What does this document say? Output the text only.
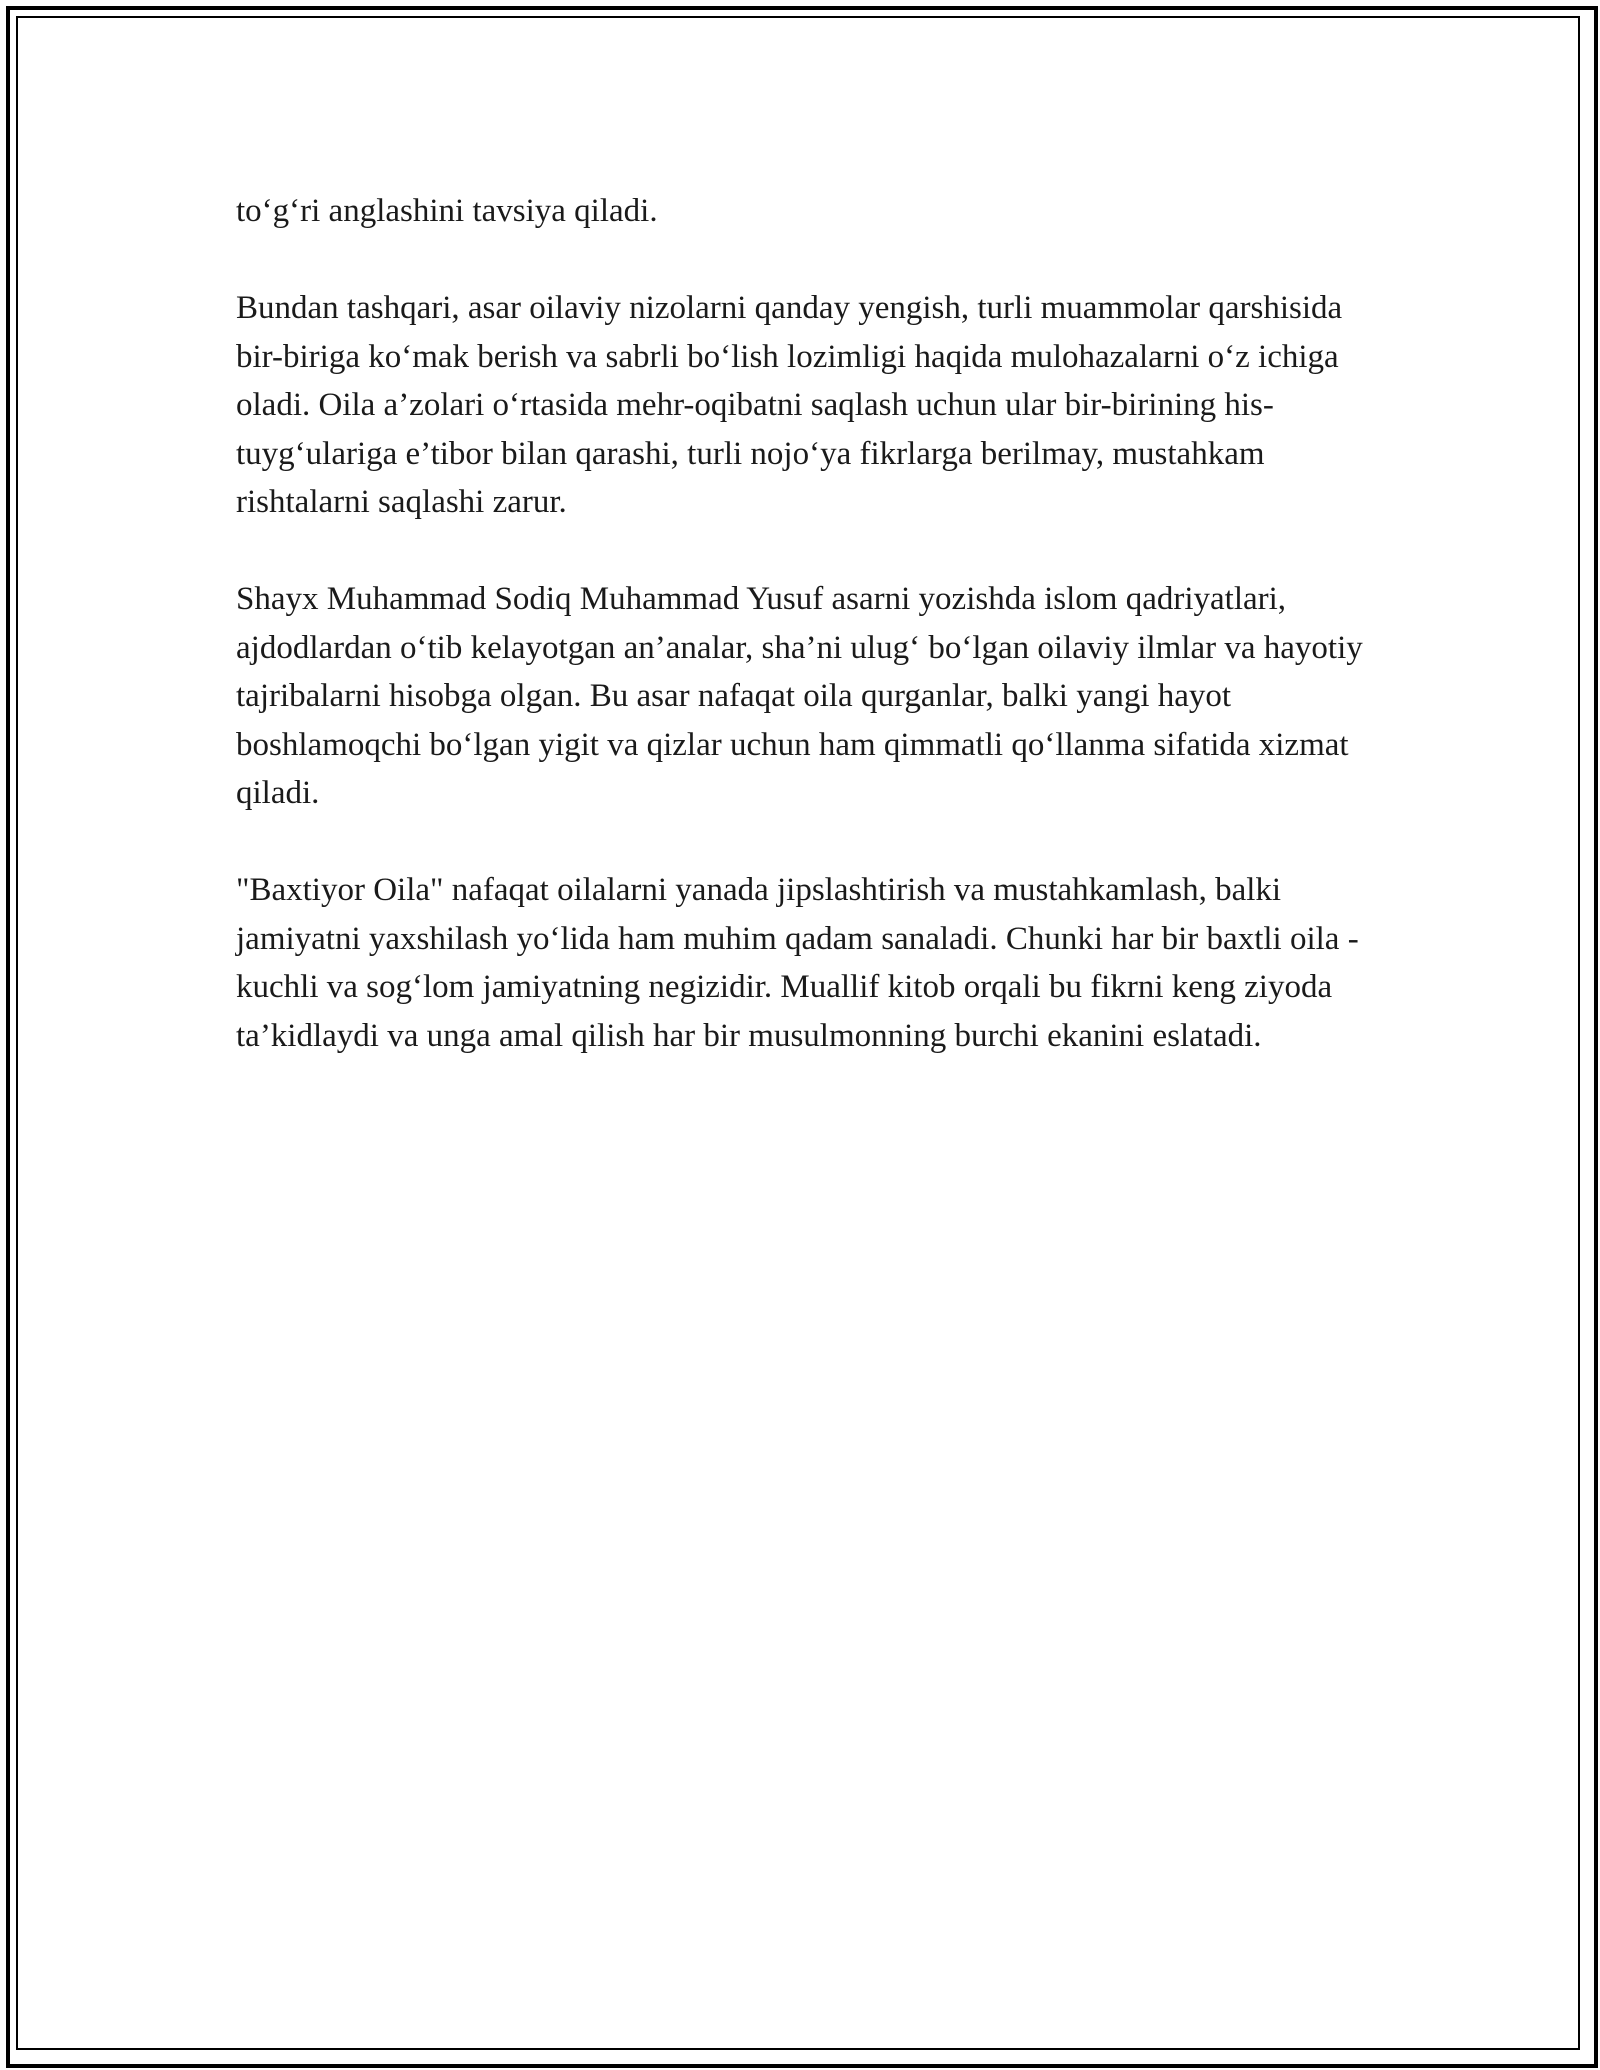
to‘g‘ri anglashini tavsiya qiladi.

Bundan tashqari, asar oilaviy nizolarni qanday yengish, turli muammolar qarshisida bir-biriga ko‘mak berish va sabrli bo‘lish lozimligi haqida mulohazalarni o‘z ichiga oladi. Oila a’zolari o‘rtasida mehr-oqibatni saqlash uchun ular bir-birining his-tuyg‘ulariga e’tibor bilan qarashi, turli nojo‘ya fikrlarga berilmay, mustahkam rishtalarni saqlashi zarur.

Shayx Muhammad Sodiq Muhammad Yusuf asarni yozishda islom qadriyatlari, ajdodlardan o‘tib kelayotgan an’analar, sha’ni ulug‘ bo‘lgan oilaviy ilmlar va hayotiy tajribalarni hisobga olgan. Bu asar nafaqat oila qurganlar, balki yangi hayot boshlamoqchi bo‘lgan yigit va qizlar uchun ham qimmatli qo‘llanma sifatida xizmat qiladi.

"Baxtiyor Oila" nafaqat oilalarni yanada jipslashtirish va mustahkamlash, balki jamiyatni yaxshilash yo‘lida ham muhim qadam sanaladi. Chunki har bir baxtli oila - kuchli va sog‘lom jamiyatning negizidir. Muallif kitob orqali bu fikrni keng ziyoda ta’kidlaydi va unga amal qilish har bir musulmonning burchi ekanini eslatadi.
